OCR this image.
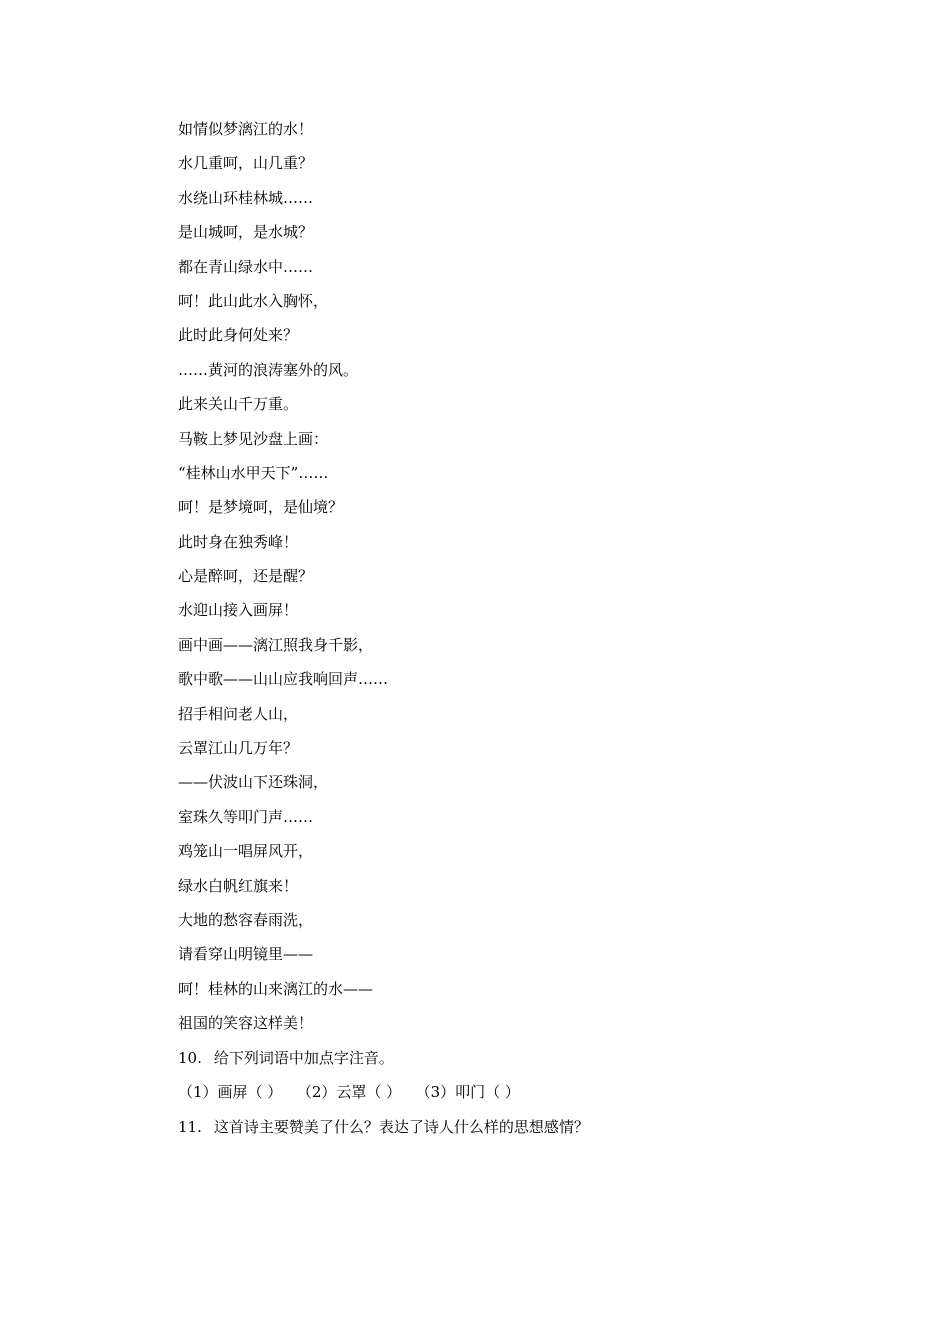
如情似梦漓江的水！
水几重呵，山几重？
水绕山环桂林城……
是山城呵，是水城？
都在青山绿水中……
呵！此山此水入胸怀，
此时此身何处来？
……黄河的浪涛塞外的风。
此来关山千万重。
马鞍上梦见沙盘上画：
“桂林山水甲天下”……
呵！是梦境呵，是仙境？
此时身在独秀峰！
心是醉呵，还是醒？
水迎山接入画屏！
画中画——漓江照我身千影，
歌中歌——山山应我响回声……
招手相问老人山，
云罩江山几万年？
——伏波山下还珠洞，
室珠久等叩门声……
鸡笼山一唱屏风开，
绿水白帆红旗来！
大地的愁容春雨洗，
请看穿山明镜里——
呵！桂林的山来漓江的水——
祖国的笑容这样美！
10. 给下列词语中加点字注音。
（1）画屏（ ） （2）云罩（ ） （3）叩门（ ）
11. 这首诗主要赞美了什么？表达了诗人什么样的思想感情？
